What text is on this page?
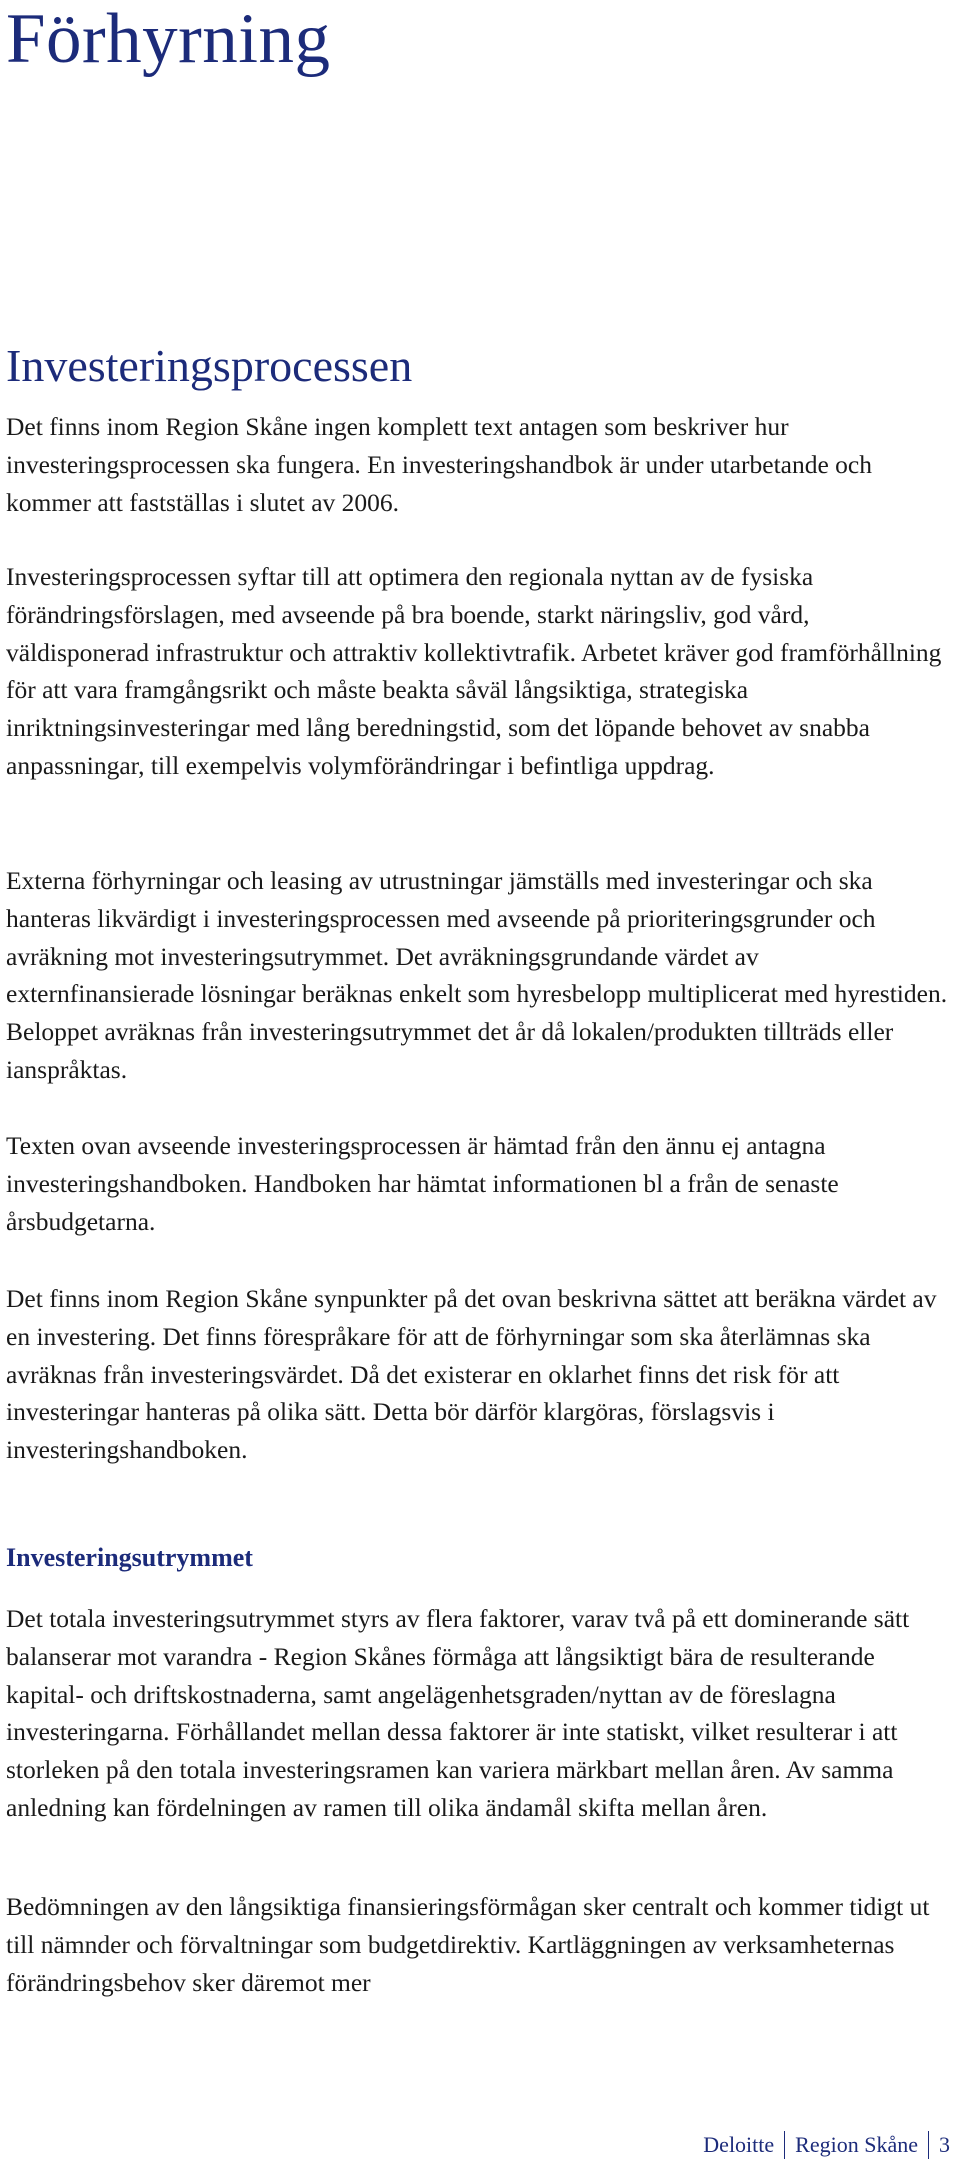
Förhyrning
Investeringsprocessen

Det finns inom Region Skåne ingen komplett text antagen som beskriver hur investeringsprocessen ska fungera. En investeringshandbok är under utarbetande och kommer att fastställas i slutet av 2006.

Investeringsprocessen syftar till att optimera den regionala nyttan av de fysiska förändringsförslagen, med avseende på bra boende, starkt näringsliv, god vård, väldisponerad infrastruktur och attraktiv kollektivtrafik. Arbetet kräver god framförhållning för att vara framgångsrikt och måste beakta såväl långsiktiga, strategiska inriktningsinvesteringar med lång beredningstid, som det löpande behovet av snabba anpassningar, till exempelvis volymförändringar i befintliga uppdrag.

Externa förhyrningar och leasing av utrustningar jämställs med investeringar och ska hanteras likvärdigt i investeringsprocessen med avseende på prioriteringsgrunder och avräkning mot investeringsutrymmet. Det avräkningsgrundande värdet av externfinansierade lösningar beräknas enkelt som hyresbelopp multiplicerat med hyrestiden. Beloppet avräknas från investeringsutrymmet det år då lokalen/produkten tillträds eller ianspråktas.

Texten ovan avseende investeringsprocessen är hämtad från den ännu ej antagna investeringshandboken. Handboken har hämtat informationen bl a från de senaste årsbudgetarna.

Det finns inom Region Skåne synpunkter på det ovan beskrivna sättet att beräkna värdet av en investering. Det finns förespråkare för att de förhyrningar som ska återlämnas ska avräknas från investeringsvärdet. Då det existerar en oklarhet finns det risk för att investeringar hanteras på olika sätt. Detta bör därför klargöras, förslagsvis i investeringshandboken.

Investeringsutrymmet

Det totala investeringsutrymmet styrs av flera faktorer, varav två på ett dominerande sätt balanserar mot varandra - Region Skånes förmåga att långsiktigt bära de resulterande kapital- och driftskostnaderna, samt angelägenhetsgraden/nyttan av de föreslagna investeringarna. Förhållandet mellan dessa faktorer är inte statiskt, vilket resulterar i att storleken på den totala investeringsramen kan variera märkbart mellan åren. Av samma anledning kan fördelningen av ramen till olika ändamål skifta mellan åren.

Bedömningen av den långsiktiga finansieringsförmågan sker centralt och kommer tidigt ut till nämnder och förvaltningar som budgetdirektiv. Kartläggningen av verksamheternas förändringsbehov sker däremot mer

Deloitte Region Skåne 3
